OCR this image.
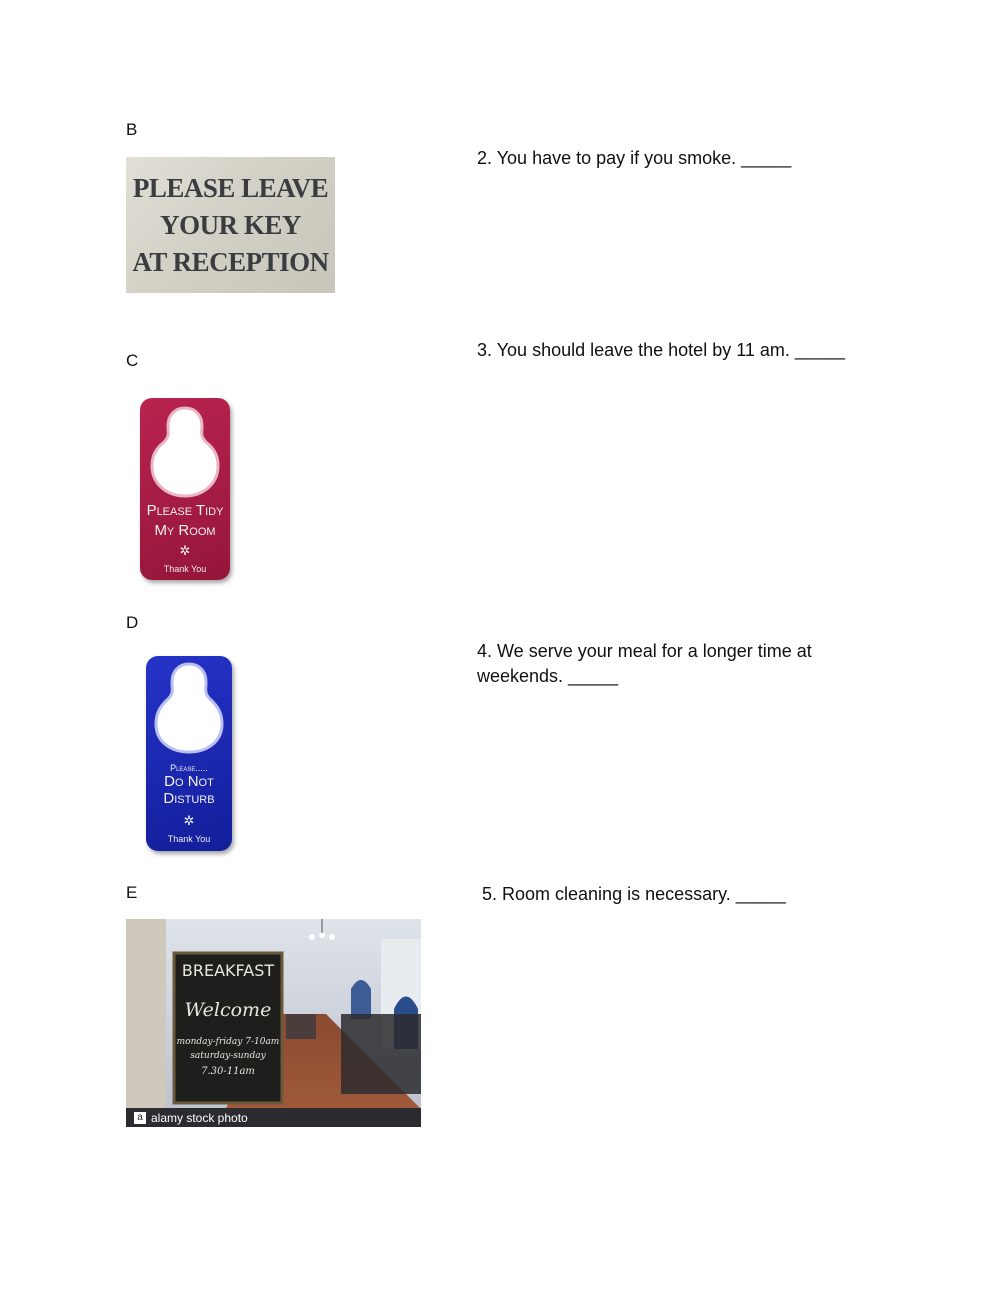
B
C
D
E
2. You have to pay if you smoke. _____
3. You should leave the hotel by 11 am. _____
4. We serve your meal for a longer time at weekends. _____
5. Room cleaning is necessary. _____
PLEASE LEAVE
YOUR KEY
AT RECEPTION
Please Tidy
My Room
✲
Thank You
Please.....
Do Not
Disturb
✲
Thank You
BREAKFAST
Welcome
monday-friday 7-10am
saturday-sunday
7.30-11am
a alamy stock photo
